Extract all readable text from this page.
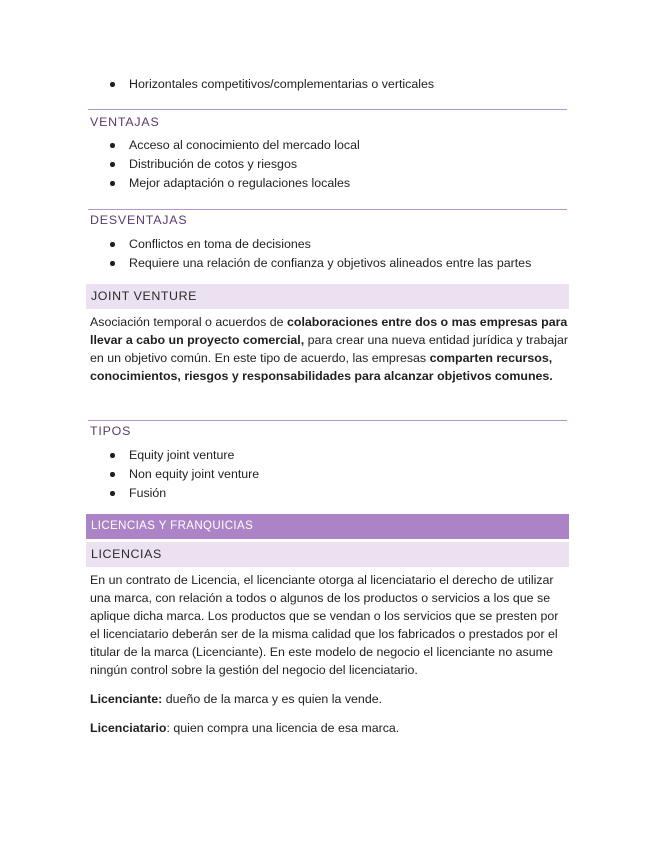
Horizontales competitivos/complementarias o verticales
VENTAJAS
Acceso al conocimiento del mercado local
Distribución de cotos y riesgos
Mejor adaptación o regulaciones locales
DESVENTAJAS
Conflictos en toma de decisiones
Requiere una relación de confianza y objetivos alineados entre las partes
JOINT VENTURE
Asociación temporal o acuerdos de colaboraciones entre dos o mas empresas para llevar a cabo un proyecto comercial, para crear una nueva entidad jurídica y trabajar en un objetivo común. En este tipo de acuerdo, las empresas comparten recursos, conocimientos, riesgos y responsabilidades para alcanzar objetivos comunes.
TIPOS
Equity joint venture
Non equity joint venture
Fusión
LICENCIAS Y FRANQUICIAS
LICENCIAS
En un contrato de Licencia, el licenciante otorga al licenciatario el derecho de utilizar una marca, con relación a todos o algunos de los productos o servicios a los que se aplique dicha marca. Los productos que se vendan o los servicios que se presten por el licenciatario deberán ser de la misma calidad que los fabricados o prestados por el titular de la marca (Licenciante). En este modelo de negocio el licenciante no asume ningún control sobre la gestión del negocio del licenciatario.
Licenciante: dueño de la marca y es quien la vende.
Licenciatario: quien compra una licencia de esa marca.
